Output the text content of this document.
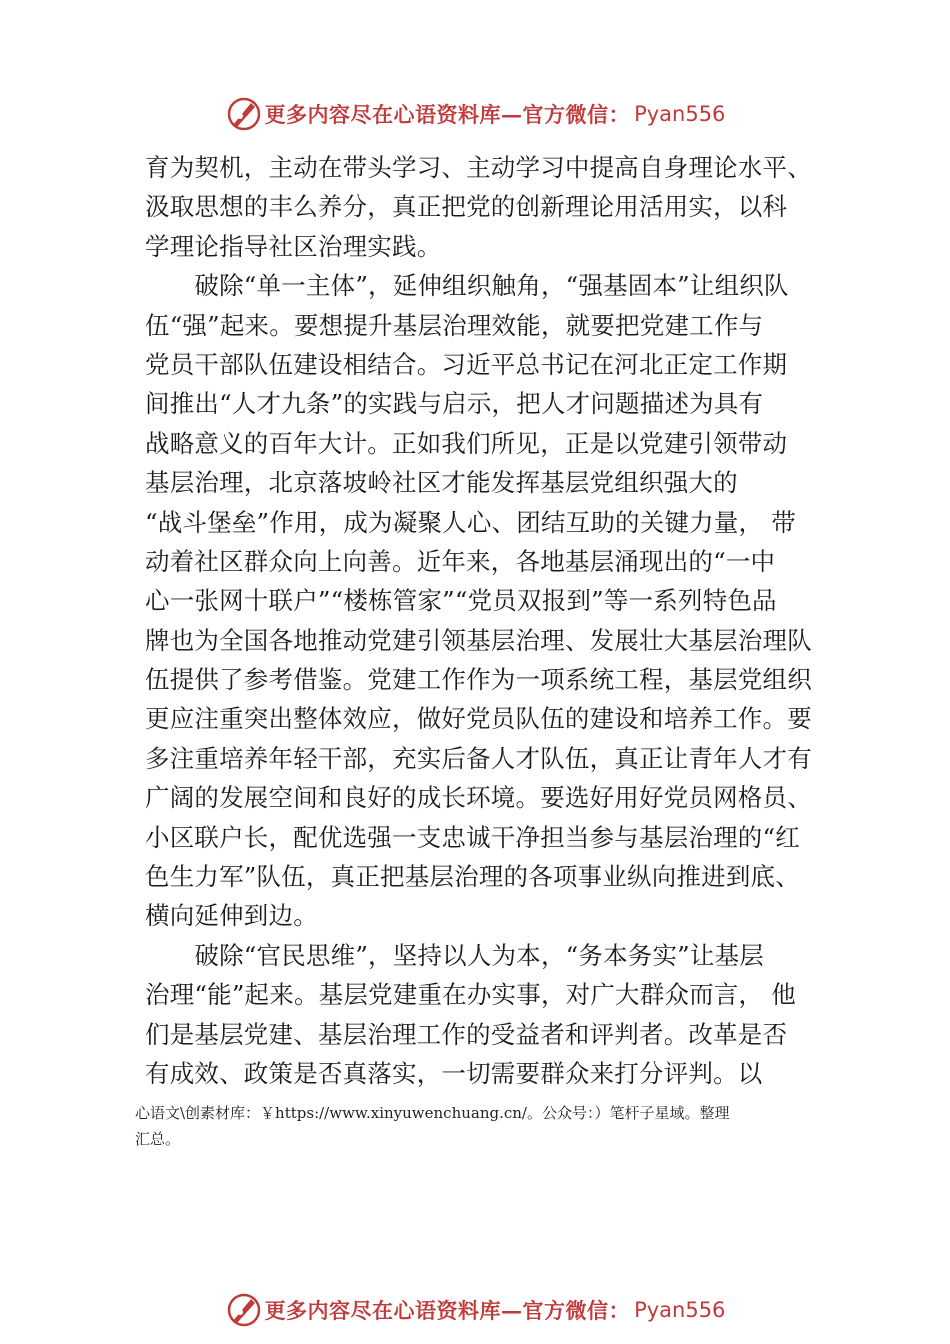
更多内容尽在心语资料库—官方微信： Pyan556
育为契机，主动在带头学习、主动学习中提高自身理论水平、
汲取思想的丰么养分，真正把党的创新理论用活用实，以科
学理论指导社区治理实践。
　　破除“单一主体”，延伸组织触角，“强基固本”让组织队
伍“强”起来。要想提升基层治理效能，就要把党建工作与
党员干部队伍建设相结合。习近平总书记在河北正定工作期
间推出“人才九条”的实践与启示，把人才问题描述为具有
战略意义的百年大计。正如我们所见，正是以党建引领带动
基层治理，北京落坡岭社区才能发挥基层党组织强大的
“战斗堡垒”作用，成为凝聚人心、团结互助的关键力量， 带
动着社区群众向上向善。近年来，各地基层涌现出的“一中
心一张网十联户”“楼栋管家”“党员双报到”等一系列特色品
牌也为全国各地推动党建引领基层治理、发展壮大基层治理队
伍提供了参考借鉴。党建工作作为一项系统工程，基层党组织
更应注重突出整体效应，做好党员队伍的建设和培养工作。要
多注重培养年轻干部，充实后备人才队伍，真正让青年人才有
广阔的发展空间和良好的成长环境。要选好用好党员网格员、
小区联户长，配优选强一支忠诚干净担当参与基层治理的“红
色生力军”队伍，真正把基层治理的各项事业纵向推进到底、
横向延伸到边。
　　破除“官民思维”，坚持以人为本，“务本务实”让基层
治理“能”起来。基层党建重在办实事，对广大群众而言， 他
们是基层党建、基层治理工作的受益者和评判者。改革是否
有成效、政策是否真落实，一切需要群众来打分评判。以
心语文\创素材库：￥https://www.xinyuwenchuang.cn/。公众号：）笔杆子星域。整理
汇总。
更多内容尽在心语资料库—官方微信： Pyan556
